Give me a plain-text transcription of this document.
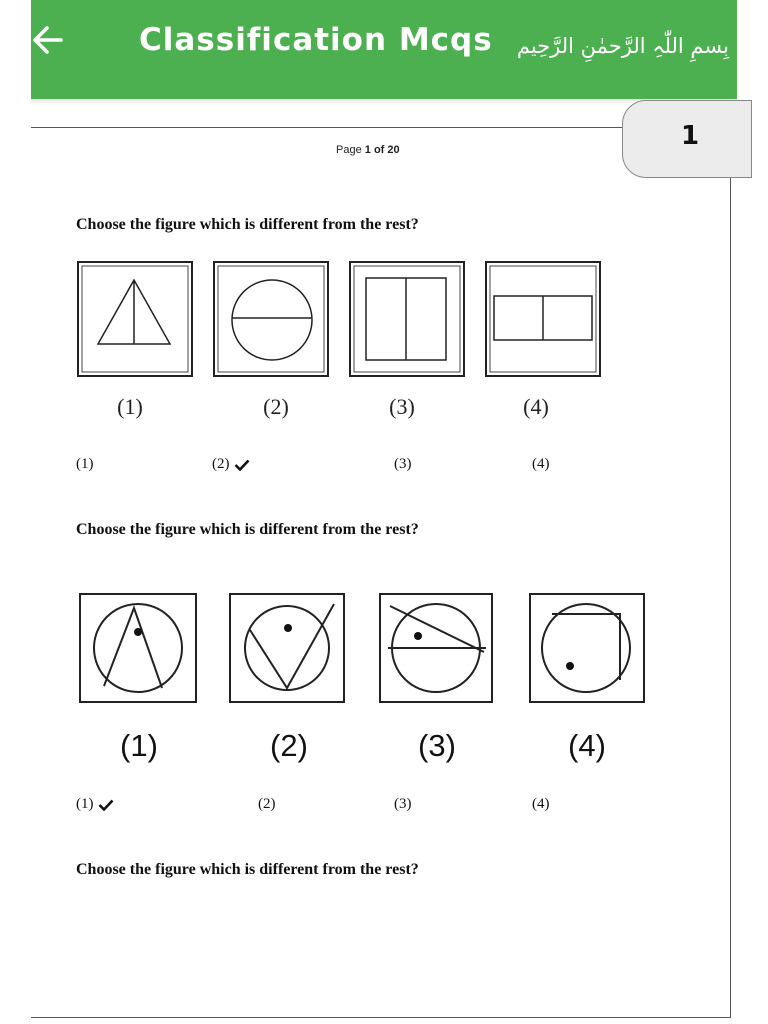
Classification Mcqs بِسمِ اللّٰہِ الرَّحمٰنِ الرَّحِیم
1
Page 1 of 20
Choose the figure which is different from the rest?
(1)	(2)	(3)	(4)
(1)	(2)	(3)	(4)
Choose the figure which is different from the rest?
(1)	(2)	(3)	(4)
(1)	(2)	(3)	(4)
Choose the figure which is different from the rest?
